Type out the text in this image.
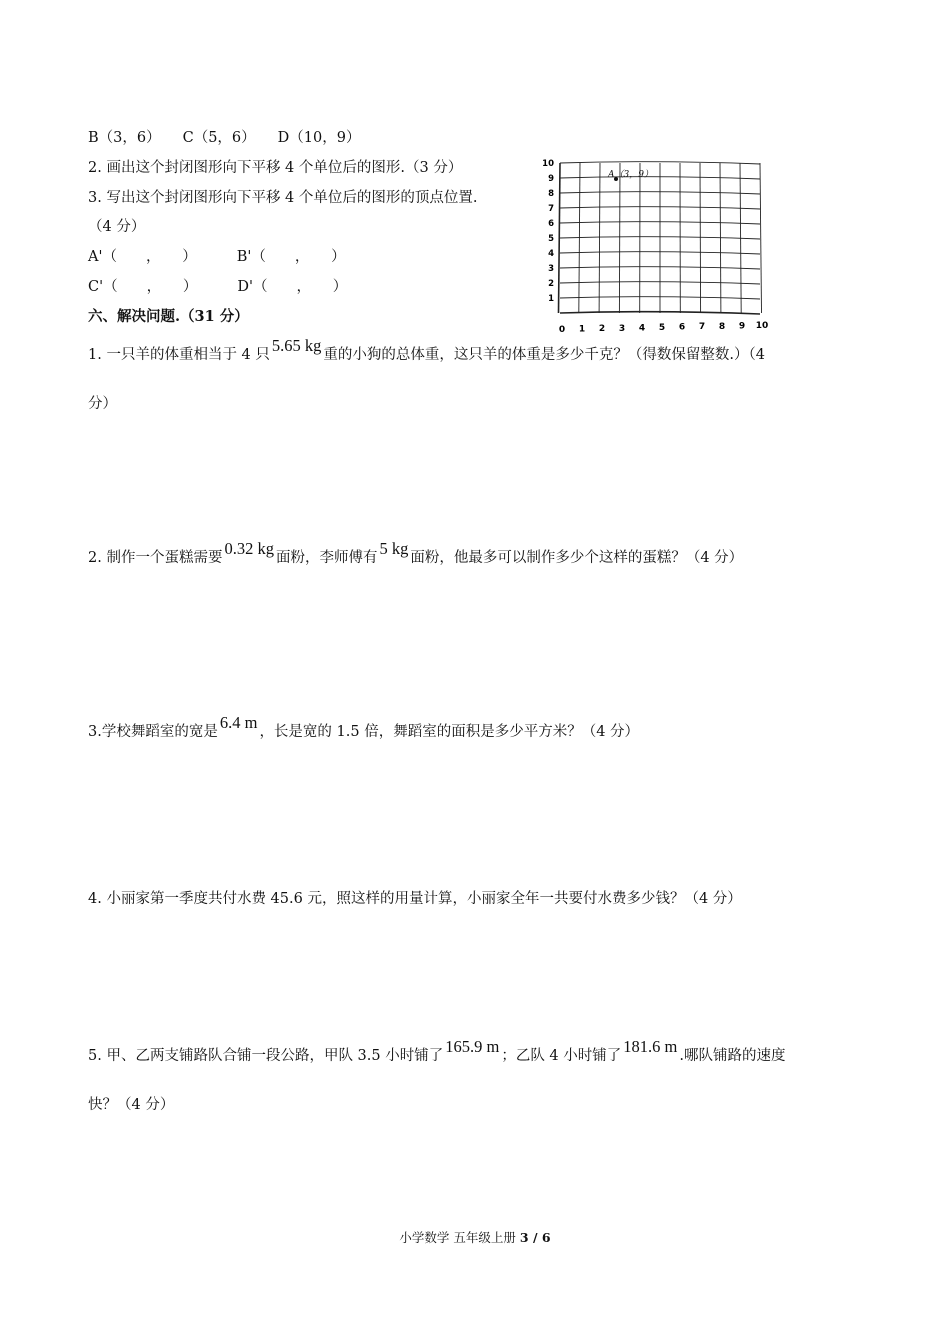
B（3，6） C（5，6） D（10，9）
2. 画出这个封闭图形向下平移 4 个单位后的图形.（3 分）
3. 写出这个封闭图形向下平移 4 个单位后的图形的顶点位置.
（4 分）
A'（　　，　　）	B'（　　，　　）
C'（　　，　　）	D'（　　，　　）
六、解决问题.（31 分）
1. 一只羊的体重相当于 4 只 5.65 kg 重的小狗的总体重，这只羊的体重是多少千克？（得数保留整数.）（4
分）
2. 制作一个蛋糕需要 0.32 kg 面粉，李师傅有 5 kg 面粉，他最多可以制作多少个这样的蛋糕？（4 分）
3.学校舞蹈室的宽是 6.4 m ，长是宽的 1.5 倍，舞蹈室的面积是多少平方米？（4 分）
4. 小丽家第一季度共付水费 45.6 元，照这样的用量计算，小丽家全年一共要付水费多少钱？（4 分）
5. 甲、乙两支铺路队合铺一段公路，甲队 3.5 小时铺了 165.9 m ；乙队 4 小时铺了 181.6 m .哪队铺路的速度
快？（4 分）
1
2
3
4
5
6
7
8
9
10
0 1 2 3 4 5 6 7 8 9 10
A（3，9）
小学数学 五年级上册 3 / 6
